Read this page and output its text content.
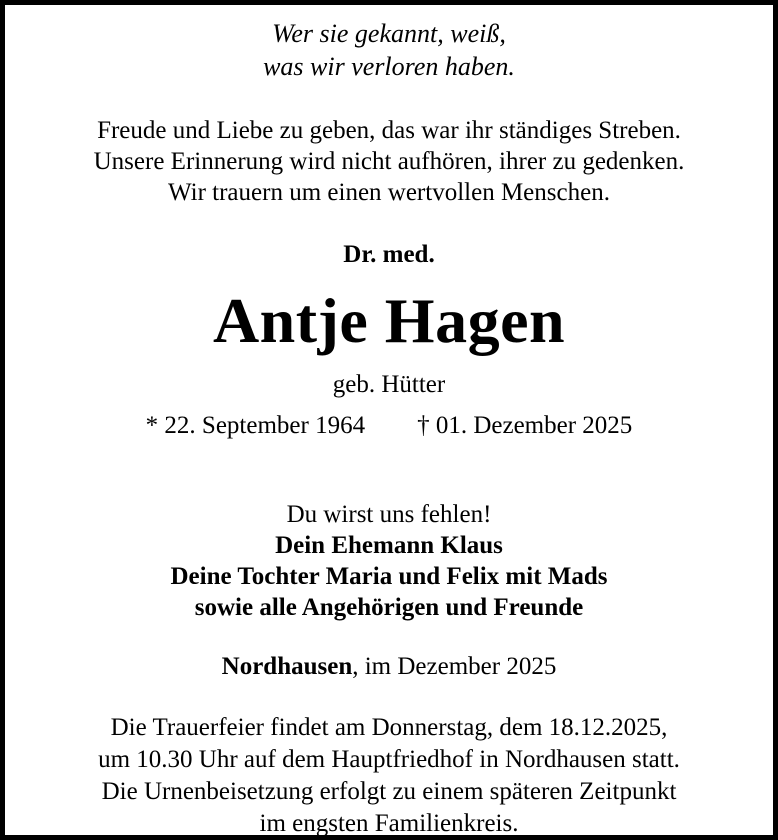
Wer sie gekannt, weiß,
was wir verloren haben.
Freude und Liebe zu geben, das war ihr ständiges Streben.
Unsere Erinnerung wird nicht aufhören, ihrer zu gedenken.
Wir trauern um einen wertvollen Menschen.
Dr. med.
Antje Hagen
geb. Hütter
* 22. September 1964 † 01. Dezember 2025
Du wirst uns fehlen!
Dein Ehemann Klaus
Deine Tochter Maria und Felix mit Mads
sowie alle Angehörigen und Freunde
Nordhausen, im Dezember 2025
Die Trauerfeier findet am Donnerstag, dem 18.12.2025,
um 10.30 Uhr auf dem Hauptfriedhof in Nordhausen statt.
Die Urnenbeisetzung erfolgt zu einem späteren Zeitpunkt
im engsten Familienkreis.
